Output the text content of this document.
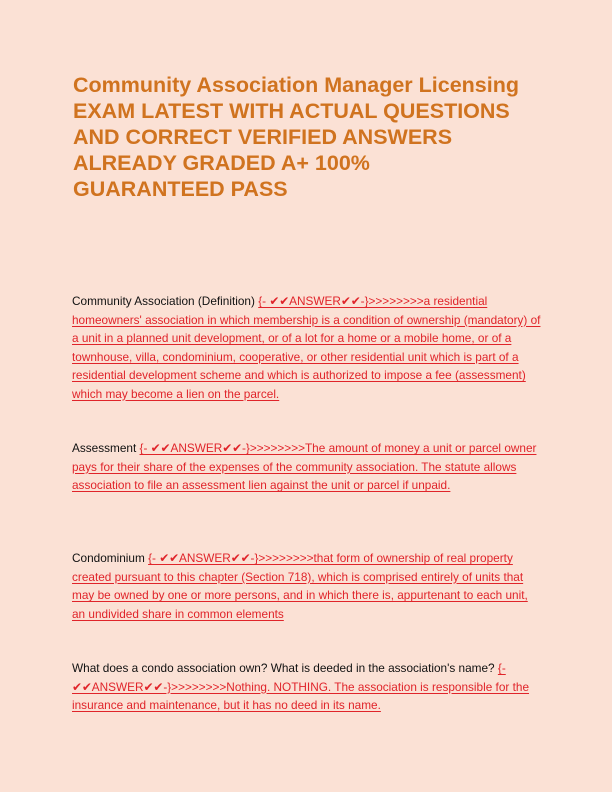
Community Association Manager Licensing
EXAM LATEST WITH ACTUAL QUESTIONS
AND CORRECT VERIFIED ANSWERS
ALREADY GRADED A+ 100%
GUARANTEED PASS
Community Association (Definition) {- ✔✔ANSWER✔✔-}>>>>>>>>a residential homeowners' association in which membership is a condition of ownership (mandatory) of a unit in a planned unit development, or of a lot for a home or a mobile home, or of a townhouse, villa, condominium, cooperative, or other residential unit which is part of a residential development scheme and which is authorized to impose a fee (assessment) which may become a lien on the parcel.
Assessment {- ✔✔ANSWER✔✔-}>>>>>>>>The amount of money a unit or parcel owner pays for their share of the expenses of the community association. The statute allows association to file an assessment lien against the unit or parcel if unpaid.
Condominium {- ✔✔ANSWER✔✔-}>>>>>>>>that form of ownership of real property created pursuant to this chapter (Section 718), which is comprised entirely of units that may be owned by one or more persons, and in which there is, appurtenant to each unit, an undivided share in common elements
What does a condo association own? What is deeded in the association's name? {- ✔✔ANSWER✔✔-}>>>>>>>>Nothing. NOTHING. The association is responsible for the insurance and maintenance, but it has no deed in its name.
